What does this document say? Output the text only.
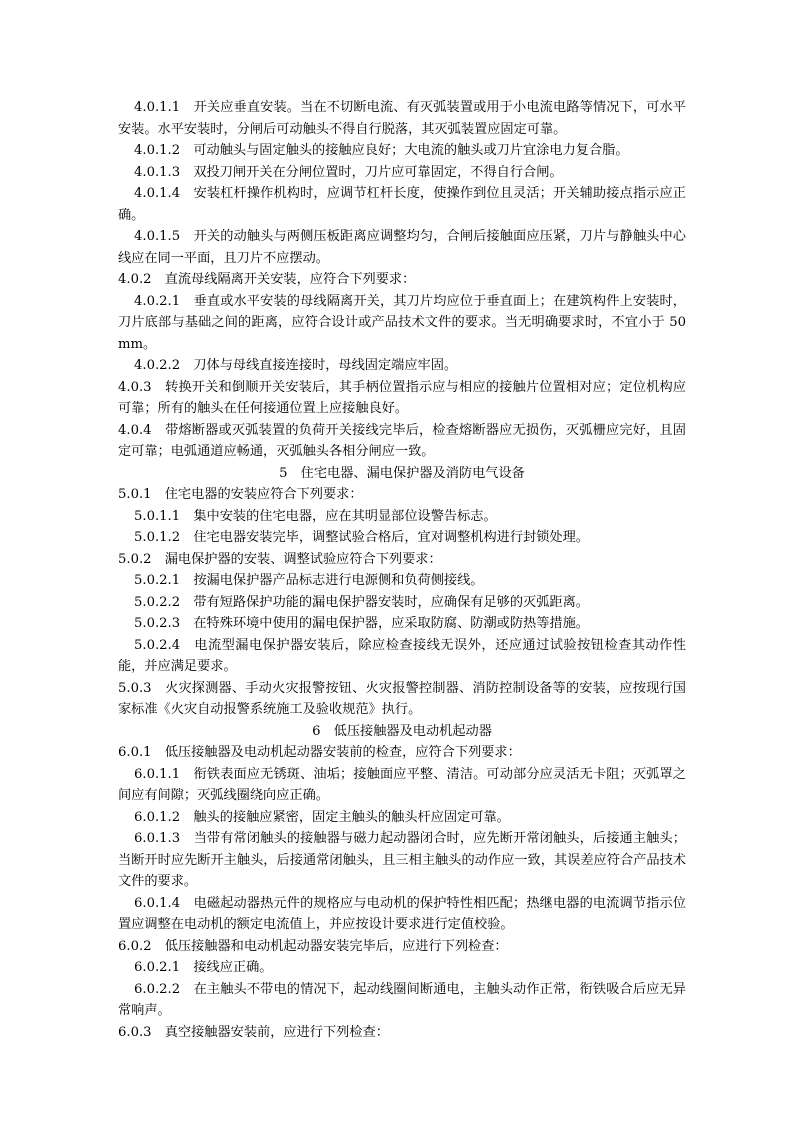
4.0.1.1　开关应垂直安装。当在不切断电流、有灭弧装置或用于小电流电路等情况下，可水平安装。水平安装时，分闸后可动触头不得自行脱落，其灭弧装置应固定可靠。

4.0.1.2　可动触头与固定触头的接触应良好；大电流的触头或刀片宜涂电力复合脂。

4.0.1.3　双投刀闸开关在分闸位置时，刀片应可靠固定，不得自行合闸。

4.0.1.4　安装杠杆操作机构时，应调节杠杆长度，使操作到位且灵活；开关辅助接点指示应正确。

4.0.1.5　开关的动触头与两侧压板距离应调整均匀，合闸后接触面应压紧，刀片与静触头中心线应在同一平面，且刀片不应摆动。

4.0.2　直流母线隔离开关安装，应符合下列要求：

4.0.2.1　垂直或水平安装的母线隔离开关，其刀片均应位于垂直面上；在建筑构件上安装时，刀片底部与基础之间的距离，应符合设计或产品技术文件的要求。当无明确要求时，不宜小于 50mm。

4.0.2.2　刀体与母线直接连接时，母线固定端应牢固。

4.0.3　转换开关和倒顺开关安装后，其手柄位置指示应与相应的接触片位置相对应；定位机构应可靠；所有的触头在任何接通位置上应接触良好。

4.0.4　带熔断器或灭弧装置的负荷开关接线完毕后，检查熔断器应无损伤，灭弧栅应完好，且固定可靠；电弧通道应畅通，灭弧触头各相分闸应一致。

5　住宅电器、漏电保护器及消防电气设备

5.0.1　住宅电器的安装应符合下列要求：

5.0.1.1　集中安装的住宅电器，应在其明显部位设警告标志。

5.0.1.2　住宅电器安装完毕，调整试验合格后，宜对调整机构进行封锁处理。

5.0.2　漏电保护器的安装、调整试验应符合下列要求：

5.0.2.1　按漏电保护器产品标志进行电源侧和负荷侧接线。

5.0.2.2　带有短路保护功能的漏电保护器安装时，应确保有足够的灭弧距离。

5.0.2.3　在特殊环境中使用的漏电保护器，应采取防腐、防潮或防热等措施。

5.0.2.4　电流型漏电保护器安装后，除应检查接线无误外，还应通过试验按钮检查其动作性能，并应满足要求。

5.0.3　火灾探测器、手动火灾报警按钮、火灾报警控制器、消防控制设备等的安装，应按现行国家标准《火灾自动报警系统施工及验收规范》执行。

6　低压接触器及电动机起动器

6.0.1　低压接触器及电动机起动器安装前的检查，应符合下列要求：

6.0.1.1　衔铁表面应无锈斑、油垢；接触面应平整、清洁。可动部分应灵活无卡阻；灭弧罩之间应有间隙；灭弧线圈绕向应正确。

6.0.1.2　触头的接触应紧密，固定主触头的触头杆应固定可靠。

6.0.1.3　当带有常闭触头的接触器与磁力起动器闭合时，应先断开常闭触头，后接通主触头；当断开时应先断开主触头，后接通常闭触头，且三相主触头的动作应一致，其误差应符合产品技术文件的要求。

6.0.1.4　电磁起动器热元件的规格应与电动机的保护特性相匹配；热继电器的电流调节指示位置应调整在电动机的额定电流值上，并应按设计要求进行定值校验。

6.0.2　低压接触器和电动机起动器安装完毕后，应进行下列检查：

6.0.2.1　接线应正确。

6.0.2.2　在主触头不带电的情况下，起动线圈间断通电，主触头动作正常，衔铁吸合后应无异常响声。

6.0.3　真空接触器安装前，应进行下列检查：
